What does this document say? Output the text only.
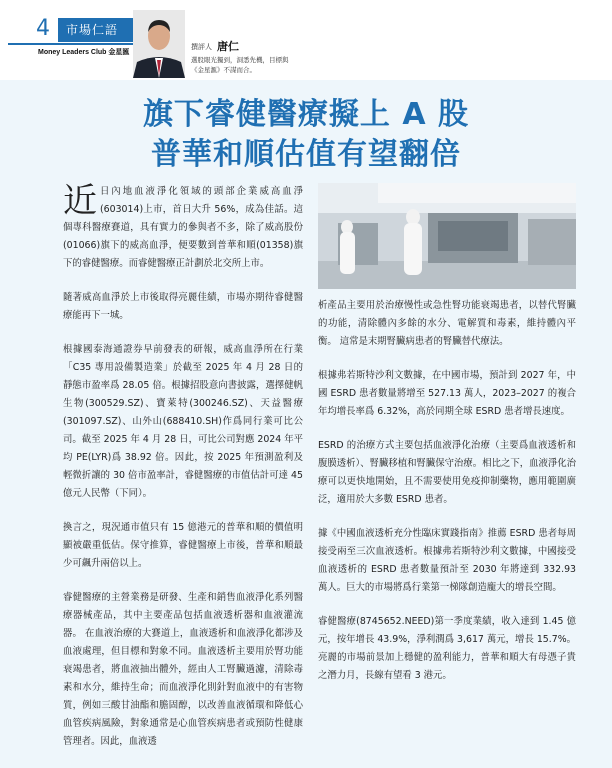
4	市場仁語
Money Leaders Club 金星匯
撰評人 唐仁
選股眼光獨到，洞悉先機，目標與《金星滙》不謀而合。
旗下睿健醫療擬上 A 股
普華和順估值有望翻倍

近日內地血液淨化領域的頭部企業威高血淨(603014)上市，首日大升 56%，成為佳話。這個專科醫療賽道，具有實力的參與者不多，除了威高股份(01066)旗下的威高血淨，便要數到普華和順(01358)旗下的睿健醫療。而睿健醫療正計劃於北交所上市。

隨著威高血淨於上市後取得亮麗佳績，市場亦期待睿健醫療能再下一城。

根據國泰海通證券早前發表的研報，威高血淨所在行業「C35 專用設備製造業」於截至 2025 年 4 月 28 日的靜態市盈率爲 28.05 倍。根據招股意向書披露，選擇健帆生物(300529.SZ)、寶萊特(300246.SZ)、天益醫療(301097.SZ)、山外山(688410.SH)作爲同行業可比公司。截至 2025 年 4 月 28 日，可比公司對應 2024 年平均 PE(LYR)爲 38.92 倍。因此，按 2025 年預測盈利及輕微折讓的 30 倍市盈率計，睿健醫療的市值估計可達 45 億元人民幣（下同）。

換言之，現況通市值只有 15 億港元的普華和順的價值明顯被嚴重低估。保守推算，睿健醫療上市後，普華和順最少可飆升兩倍以上。

睿健醫療的主營業務是研發、生產和銷售血液淨化系列醫療器械產品，其中主要產品包括血液透析器和血液灌流器。 在血液治療的大賽道上，血液透析和血液淨化都涉及血液處理，但目標和對象不同。血液透析主要用於腎功能衰竭患者，將血液抽出體外，經由人工腎臟過濾，清除毒素和水分，維持生命；而血液淨化則針對血液中的有害物質，例如三酸甘油酯和膽固醇，以改善血液循環和降低心血管疾病風險，對象通常是心血管疾病患者或預防性健康管理者。因此，血液透

析產品主要用於治療慢性或急性腎功能衰竭患者，以替代腎臟的功能，清除體內多餘的水分、電解質和毒素，維持體內平衡。 這常是末期腎臟病患者的腎臟替代療法。

根據弗若斯特沙利文數據，在中國市場，預計到 2027 年，中國 ESRD 患者數量將增至 527.13 萬人，2023–2027 的複合年均增長率爲 6.32%，高於同期全球 ESRD 患者增長速度。

ESRD 的治療方式主要包括血液淨化治療（主要爲血液透析和腹膜透析）、腎臟移植和腎臟保守治療。相比之下，血液淨化治療可以更快地開始，且不需要使用免疫抑制藥物，應用範圍廣泛，適用於大多數 ESRD 患者。

據《中國血液透析充分性臨床實踐指南》推薦 ESRD 患者每周接受兩至三次血液透析。根據弗若斯特沙利文數據，中國接受血液透析的 ESRD 患者數量預計至 2030 年將達到 332.93 萬人。巨大的市場將爲行業第一梯隊創造龐大的增長空間。

睿健醫療(8745652.NEED)第一季度業績，收入達到 1.45 億元，按年增長 43.9%，淨利潤爲 3,617 萬元，增長 15.7%。亮麗的市場前景加上穩健的盈利能力，普華和順大有母憑子貴之潛力月，長線有望看 3 港元。
